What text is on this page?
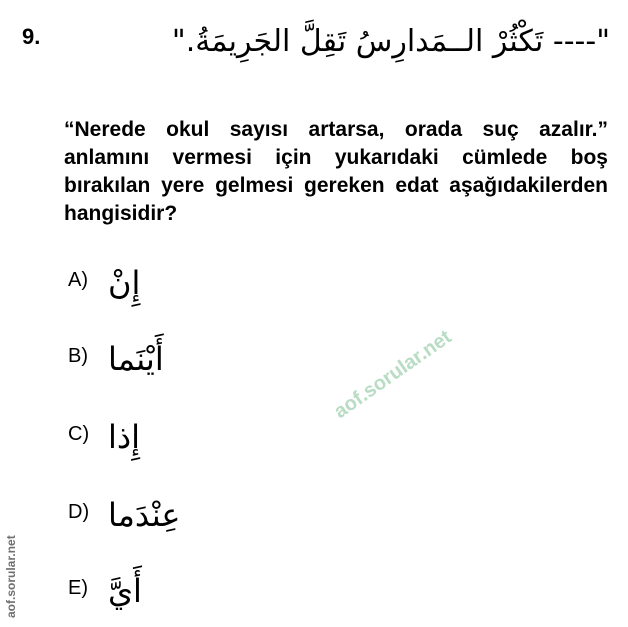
9.	"---- تَكْثُرْ الــمَدارِسُ تَقِلَّ الجَرِيمَةُ."
“Nerede okul sayısı artarsa, orada suç azalır.” anlamını vermesi için yukarıdaki cümlede boş bırakılan yere gelmesi gereken edat aşağıdakilerden hangisidir?
A) إِنْ
B) أَيْنَما
C) إِذا
D) عِنْدَما
E) أَيَّ
aof.sorular.net
aof.sorular.net
